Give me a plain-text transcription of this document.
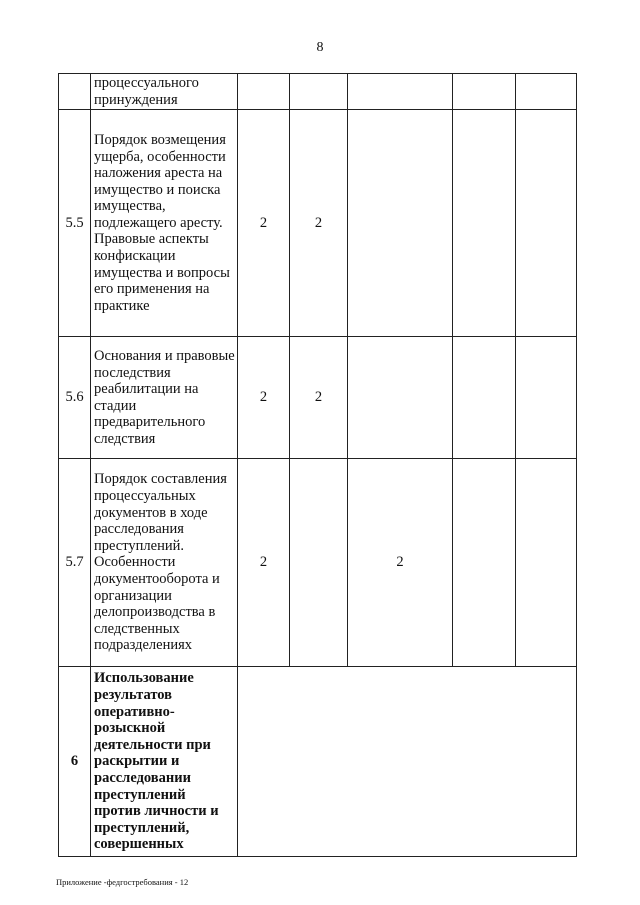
8
	процессуального принуждения					
5.5	Порядок возмещения ущерба, особенности наложения ареста на имущество и поиска имущества, подлежащего аресту. Правовые аспекты конфискации имущества и вопросы его применения на практике	2	2			
5.6	Основания и правовые последствия реабилитации на стадии предварительного следствия	2	2			
5.7	Порядок составления процессуальных документов в ходе расследования преступлений. Особенности документооборота и организации делопроизводства в следственных подразделениях	2		2		
6	Использование результатов оперативно-розыскной деятельности при раскрытии и расследовании преступлений против личности и преступлений, совершенных					
Приложение -федгостребования - 12
